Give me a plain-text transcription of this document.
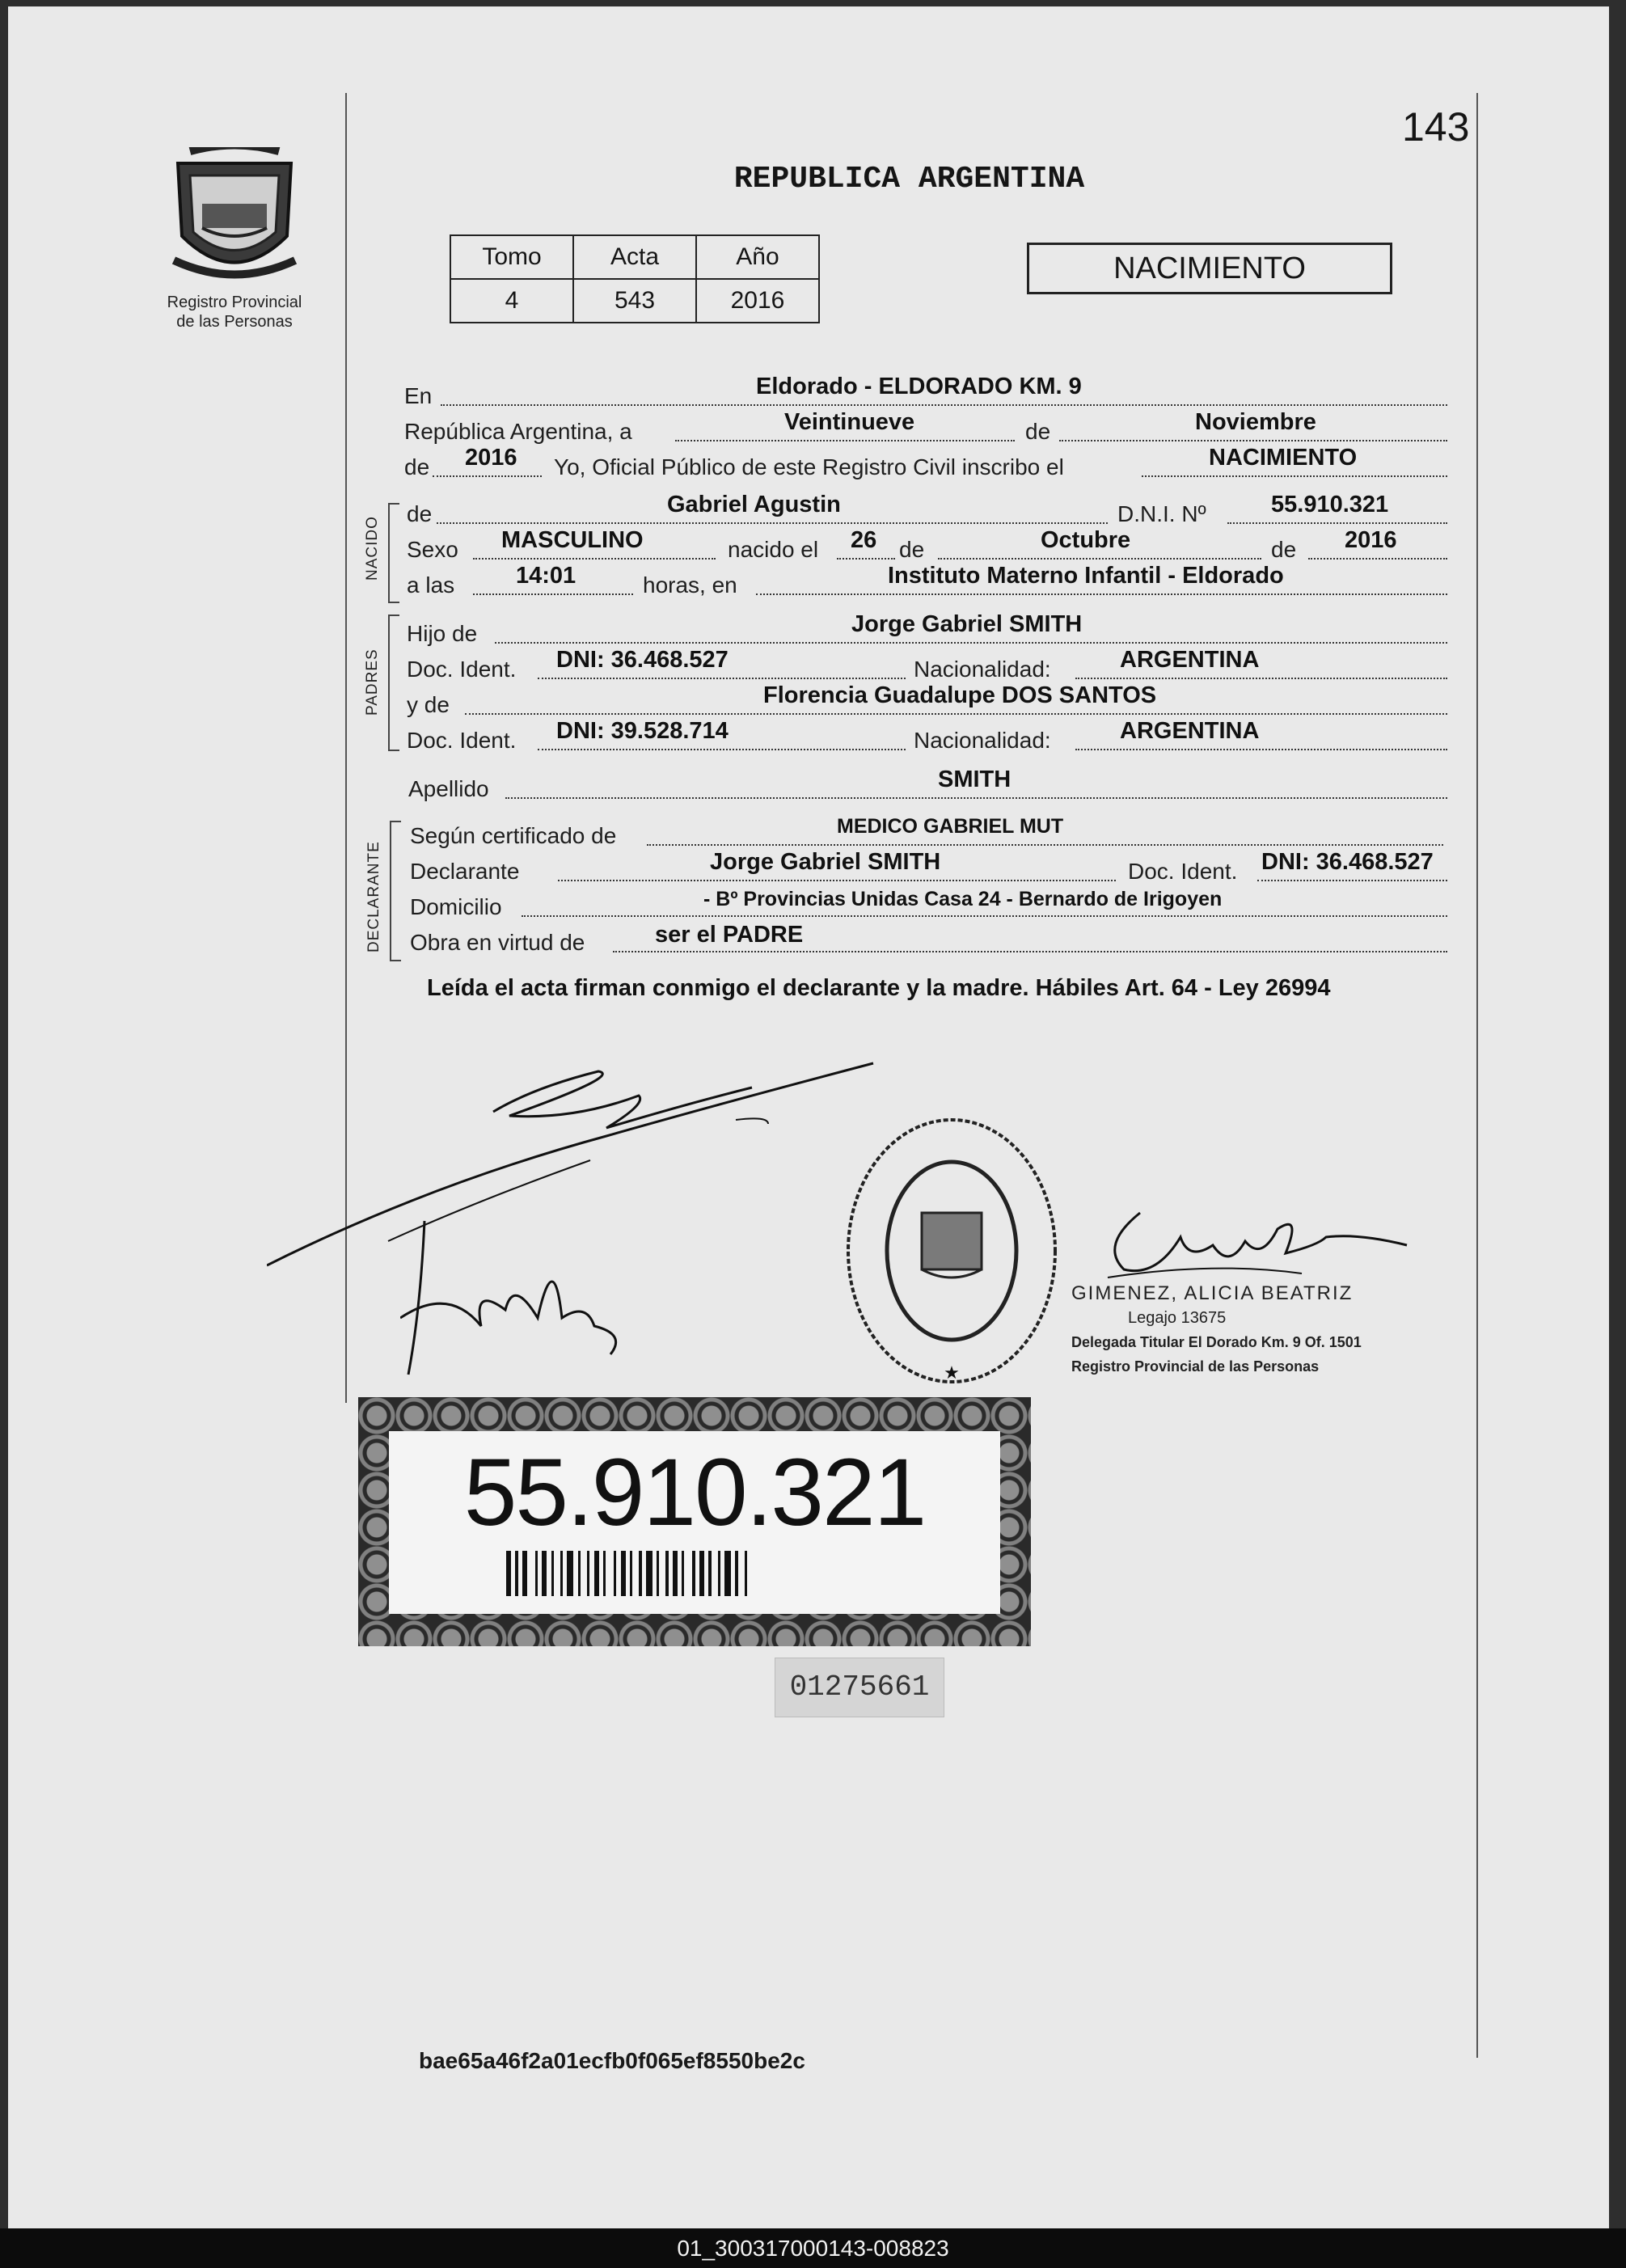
143
REPUBLICA ARGENTINA
Registro Provincial
de las Personas
Tomo	Acta	Año
4	543	2016
NACIMIENTO
En	Eldorado - ELDORADO KM. 9
República Argentina, a	Veintinueve	de	Noviembre
de 2016 Yo, Oficial Público de este Registro Civil inscribo el	NACIMIENTO
NACIDO
de	Gabriel Agustin	D.N.I. Nº	55.910.321
Sexo MASCULINO	nacido el 26 de	Octubre	de 2016
a las	14:01	horas, en	Instituto Materno Infantil - Eldorado
PADRES
Hijo de	Jorge Gabriel SMITH
Doc. Ident. DNI: 36.468.527	Nacionalidad:	ARGENTINA
y de	Florencia Guadalupe DOS SANTOS
Doc. Ident. DNI: 39.528.714	Nacionalidad:	ARGENTINA
Apellido	SMITH
DECLARANTE
Según certificado de	MEDICO GABRIEL MUT
Declarante	Jorge Gabriel SMITH	Doc. Ident. DNI: 36.468.527
Domicilio	- Bº Provincias Unidas Casa 24 - Bernardo de Irigoyen
Obra en virtud de	ser el PADRE
Leída el acta firman conmigo el declarante y la madre. Hábiles Art. 64 - Ley 26994
★
GIMENEZ, ALICIA BEATRIZ
Legajo 13675
Delegada Titular El Dorado Km. 9 Of. 1501
Registro Provincial de las Personas
55.910.321
01275661
bae65a46f2a01ecfb0f065ef8550be2c
01_300317000143-008823
